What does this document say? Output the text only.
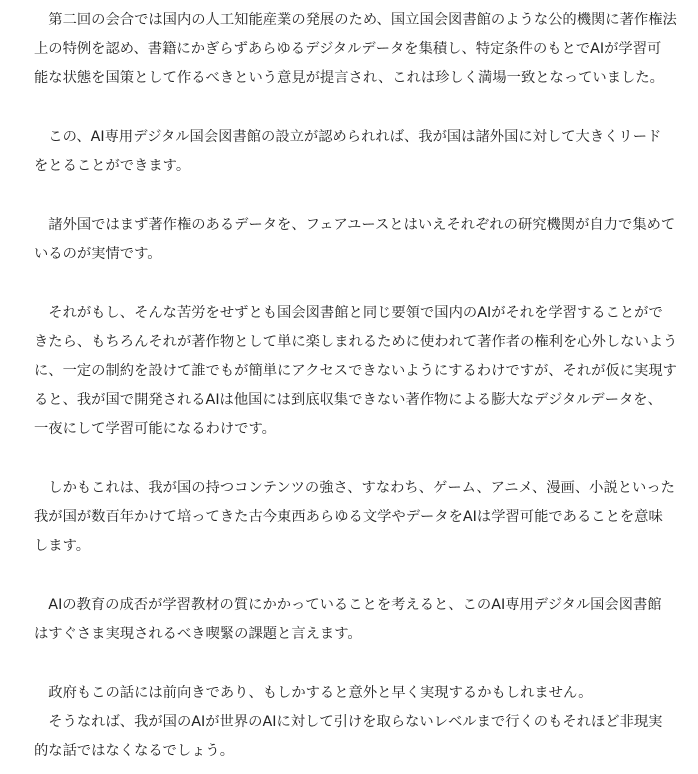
　第二回の会合では国内の人工知能産業の発展のため、国立国会図書館のような公的機関に著作権法
上の特例を認め、書籍にかぎらずあらゆるデジタルデータを集積し、特定条件のもとでAIが学習可
能な状態を国策として作るべきという意見が提言され、これは珍しく満場一致となっていました。

　この、AI専用デジタル国会図書館の設立が認められれば、我が国は諸外国に対して大きくリード
をとることができます。

　諸外国ではまず著作権のあるデータを、フェアユースとはいえそれぞれの研究機関が自力で集めて
いるのが実情です。

　それがもし、そんな苦労をせずとも国会図書館と同じ要領で国内のAIがそれを学習することがで
きたら、もちろんそれが著作物として単に楽しまれるために使われて著作者の権利を心外しないよう
に、一定の制約を設けて誰でもが簡単にアクセスできないようにするわけですが、それが仮に実現す
ると、我が国で開発されるAIは他国には到底収集できない著作物による膨大なデジタルデータを、
一夜にして学習可能になるわけです。

　しかもこれは、我が国の持つコンテンツの強さ、すなわち、ゲーム、アニメ、漫画、小説といった
我が国が数百年かけて培ってきた古今東西あらゆる文学やデータをAIは学習可能であることを意味
します。

　AIの教育の成否が学習教材の質にかかっていることを考えると、このAI専用デジタル国会図書館
はすぐさま実現されるべき喫緊の課題と言えます。

　政府もこの話には前向きであり、もしかすると意外と早く実現するかもしれません。

　そうなれば、我が国のAIが世界のAIに対して引けを取らないレベルまで行くのもそれほど非現実
的な話ではなくなるでしょう。
